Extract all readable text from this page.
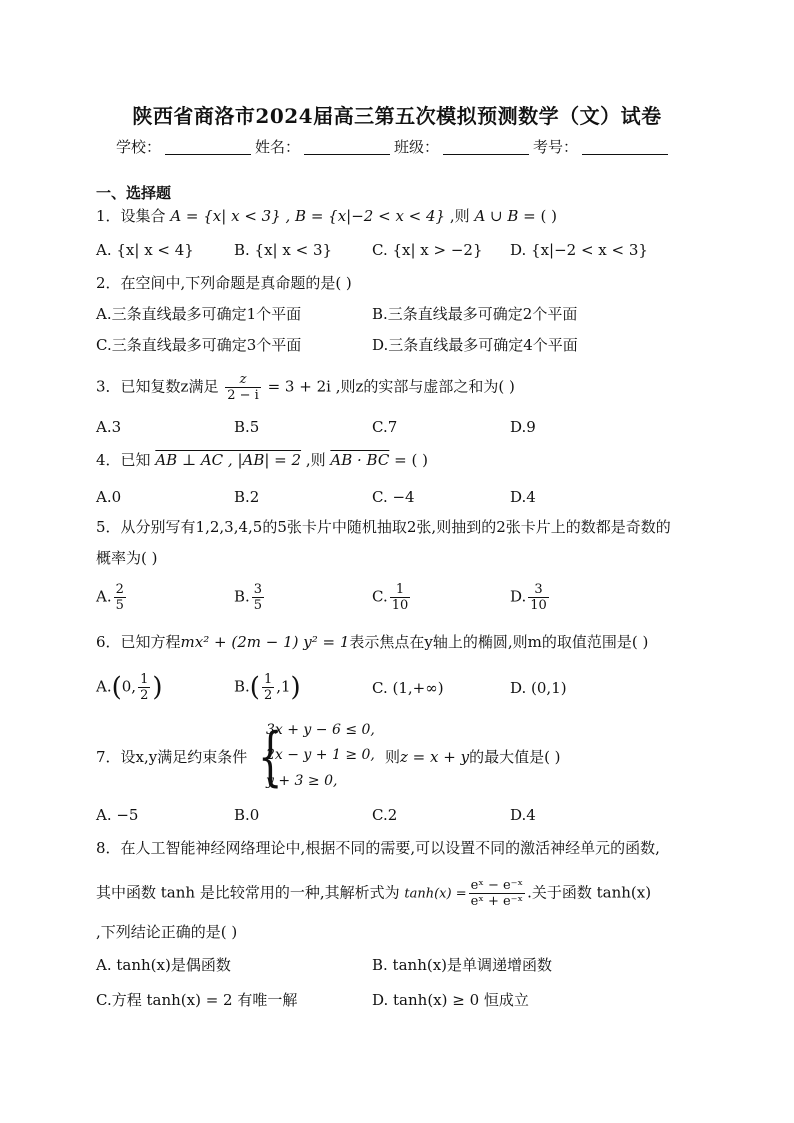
陕西省商洛市2024届高三第五次模拟预测数学（文）试卷
学校：	姓名：	班级：	考号：
一、选择题
1．设集合 A = {x| x < 3} , B = {x|−2 < x < 4} ,则 A ∪ B = ( )
A. {x| x < 4}	B. {x| x < 3}	C. {x| x > −2} D. {x|−2 < x < 3}
2．在空间中,下列命题是真命题的是( )
A.三条直线最多可确定1个平面	B.三条直线最多可确定2个平面
C.三条直线最多可确定3个平面	D.三条直线最多可确定4个平面
3．已知复数z满足 $\frac{z}{2 - i} = 3 + 2i$ ,则z的实部与虚部之和为( )
A.3	B.5	C.7	D.9
4．已知 AB ⊥ AC , |AB| = 2 ,则 AB · BC = ( )
A.0	B.2	C. −4	D.4
5．从分别写有1,2,3,4,5的5张卡片中随机抽取2张,则抽到的2张卡片上的数都是奇数的
概率为( )
A. $\frac{2}{5}$	B. $\frac{3}{5}$	C. $\frac{1}{10}$	D. $\frac{3}{10}$
6．已知方程mx² + (2m − 1) y² = 1表示焦点在y轴上的椭圆,则m的取值范围是( )
A.(0, $\frac{1}{2}$ )	$B.( \frac{1}{2} ,1)$	C. (1,+∞)	D. (0,1)
7．设x,y满足约束条件 {
3x + y − 6 ≤ 0,
2x − y + 1 ≥ 0,
y + 3 ≥ 0,
则z = x + y的最大值是( )
A. −5	B.0	C.2	D.4
8．在人工智能神经网络理论中,根据不同的需要,可以设置不同的激活神经单元的函数,
其中函数 tanh 是比较常用的一种,其解析式为 $\tanh(x) = \frac{\text{eˣ − e⁻ˣ}}{\text{eˣ + e⁻ˣ}}$ .关于函数 tanh(x)
,下列结论正确的是( )
A. tanh(x)是偶函数	B. tanh(x)是单调递增函数
C.方程 tanh(x) = 2 有唯一解	D. tanh(x) ≥ 0 恒成立
